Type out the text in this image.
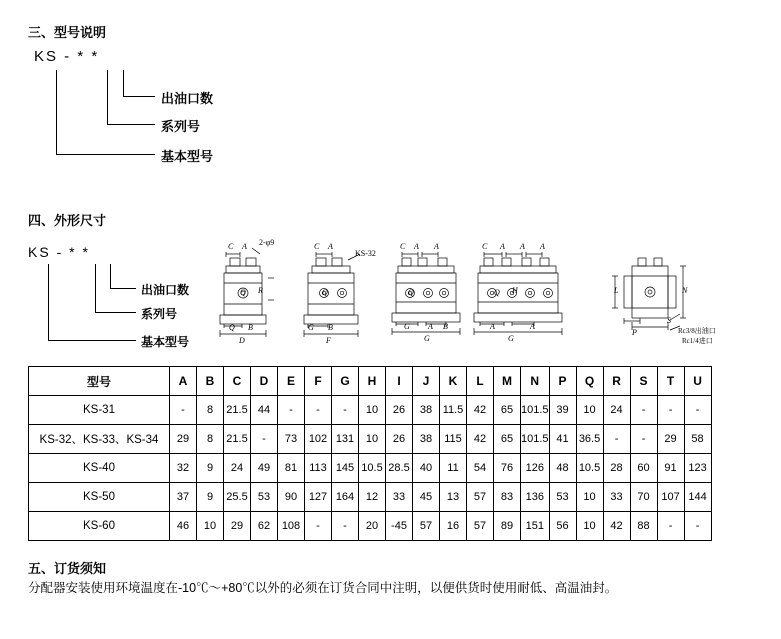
三、型号说明
KS - * *
出油口数
系列号
基本型号
四、外形尺寸
KS - * *
出油口数
系列号
基本型号
C A 2-φ9
Q R
Q B
D
C A
KS-32
Q
G B
F
C A A
Q
G A B
G
C A A A
Q H
A	A
G
L	N
P
S
Rc3/8出油口
Rc1/4进口
型号	A	B	C	D	E	F	G	H	I	J	K	L	M	N	P	Q	R	S	T	U
KS-31	-	8	21.5	44	-	-	-	10	26	38	11.5	42	65	101.5	39	10	24	-	-	-
KS-32、KS-33、KS-34	29	8	21.5	-	73	102	131	10	26	38	115	42	65	101.5	41	36.5	-	-	29	58
KS-40	32	9	24	49	81	113	145	10.5	28.5	40	11	54	76	126	48	10.5	28	60	91	123
KS-50	37	9	25.5	53	90	127	164	12	33	45	13	57	83	136	53	10	33	70	107	144
KS-60	46	10	29	62	108	-	-	20	-45	57	16	57	89	151	56	10	42	88	-	-
五、订货须知
分配器安装使用环境温度在-10℃～+80℃以外的必须在订货合同中注明，以便供货时使用耐低、高温油封。
